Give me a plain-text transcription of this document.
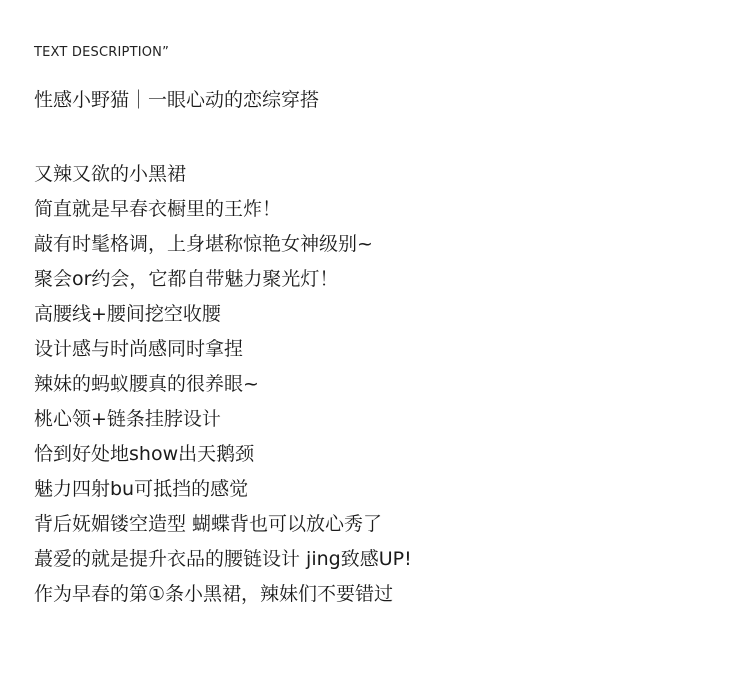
TEXT DESCRIPTION”
性感小野猫｜一眼心动的恋综穿搭
又辣又欲的小黑裙
简直就是早春衣橱里的王炸！
敲有时髦格调，上身堪称惊艳女神级别~
聚会or约会，它都自带魅力聚光灯！
高腰线+腰间挖空收腰
设计感与时尚感同时拿捏
辣妹的蚂蚁腰真的很养眼~
桃心领+链条挂脖设计
恰到好处地show出天鹅颈
魅力四射bu可抵挡的感觉
背后妩媚镂空造型 蝴蝶背也可以放心秀了
蕞爱的就是提升衣品的腰链设计 jing致感UP!
作为早春的第①条小黑裙，辣妹们不要错过
